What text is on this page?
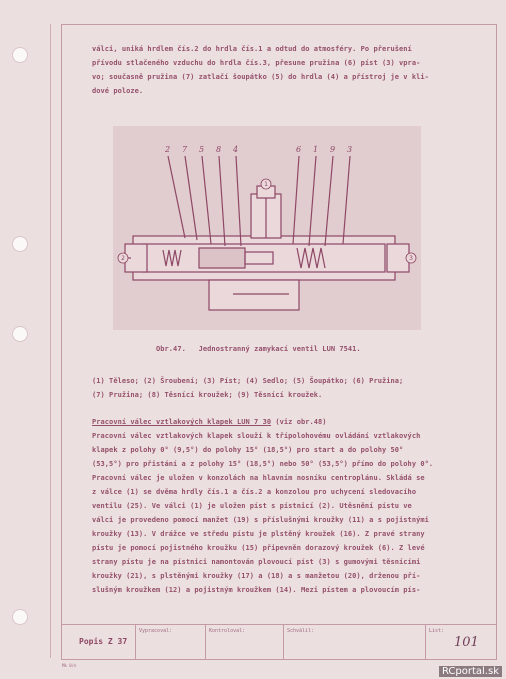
válci, uniká hrdlem čís.2 do hrdla čís.1 a odtud do atmosféry. Po přerušení
přívodu stlačeného vzduchu do hrdla čís.3, přesune pružina (6) píst (3) vpra-
vo; současně pružina (7) zatlačí šoupátko (5) do hrdla (4) a přístroj je v kli-
dové poloze.
2 7 5 8 4	6 1 9 3
1
2	3
Obr.47.   Jednostranný zamykací ventil LUN 7541.
(1) Těleso; (2) Šroubení; (3) Píst; (4) Sedlo; (5) Šoupátko; (6) Pružina;
(7) Pružina; (8) Těsnící kroužek; (9) Těsnící kroužek.
Pracovní válec vztlakových klapek LUN 7 30 (viz obr.48)
Pracovní válec vztlakových klapek slouží k třípolohovému ovládání vztlakových
klapek z polohy 0° (9,5°) do polohy 15° (18,5°) pro start a do polohy 50°
(53,5°) pro přistání a z polohy 15° (18,5°) nebo 50° (53,5°) přímo do polohy 0°.
Pracovní válec je uložen v konzolách na hlavním nosníku centroplánu. Skládá se
z válce (1) se dvěma hrdly čís.1 a čís.2 a konzolou pro uchycení sledovacího
ventilu (25). Ve válci (1) je uložen píst s pístnicí (2). Utěsnění pístu ve
válci je provedeno pomocí manžet (19) s příslušnými kroužky (11) a s pojistnými
kroužky (13). V drážce ve středu pístu je plstěný kroužek (16). Z pravé strany
pístu je pomocí pojistného kroužku (15) připevněn dorazový kroužek (6). Z levé
strany pístu je na pístnici namontován plovoucí píst (3) s gumovými těsnícími
kroužky (21), s plstěnými kroužky (17) a (18) a s manžetou (20), drženou pří-
slušným kroužkem (12) a pojistným kroužkem (14). Mezi pístem a plovoucím pís-
Popis Z 37
Vypracoval:	Kontroloval:	Schválil:	List:
101
Mk 0/n
RCportal.sk
